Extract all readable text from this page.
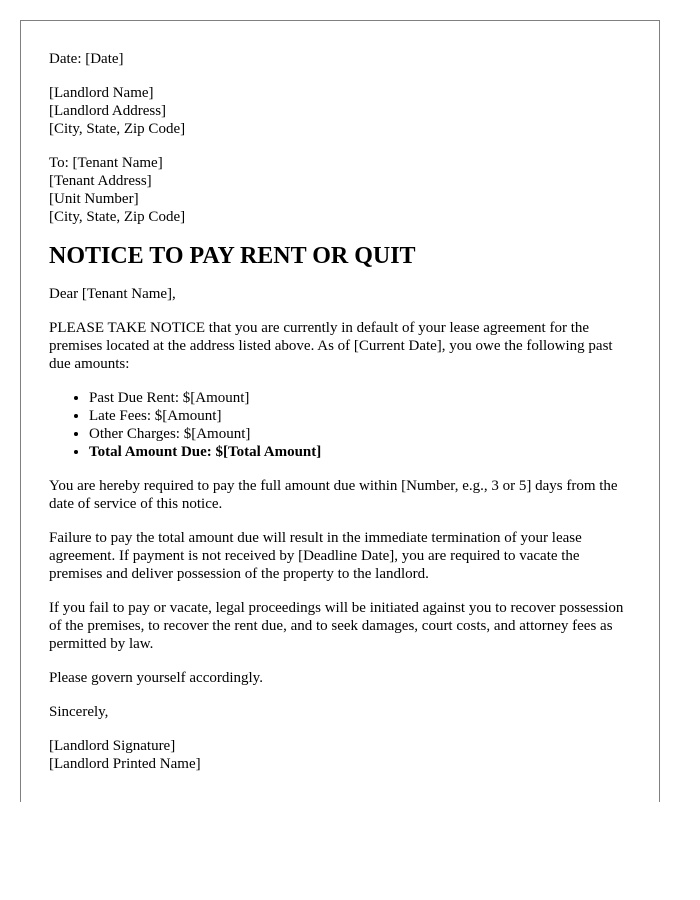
Date: [Date]

[Landlord Name]
[Landlord Address]
[City, State, Zip Code]

To: [Tenant Name]
[Tenant Address]
[Unit Number]
[City, State, Zip Code]

NOTICE TO PAY RENT OR QUIT

Dear [Tenant Name],

PLEASE TAKE NOTICE that you are currently in default of your lease agreement for the premises located at the address listed above. As of [Current Date], you owe the following past due amounts:

• Past Due Rent: $[Amount]
• Late Fees: $[Amount]
• Other Charges: $[Amount]
• Total Amount Due: $[Total Amount]

You are hereby required to pay the full amount due within [Number, e.g., 3 or 5] days from the date of service of this notice.

Failure to pay the total amount due will result in the immediate termination of your lease agreement. If payment is not received by [Deadline Date], you are required to vacate the premises and deliver possession of the property to the landlord.

If you fail to pay or vacate, legal proceedings will be initiated against you to recover possession of the premises, to recover the rent due, and to seek damages, court costs, and attorney fees as permitted by law.

Please govern yourself accordingly.

Sincerely,

[Landlord Signature]
[Landlord Printed Name]
